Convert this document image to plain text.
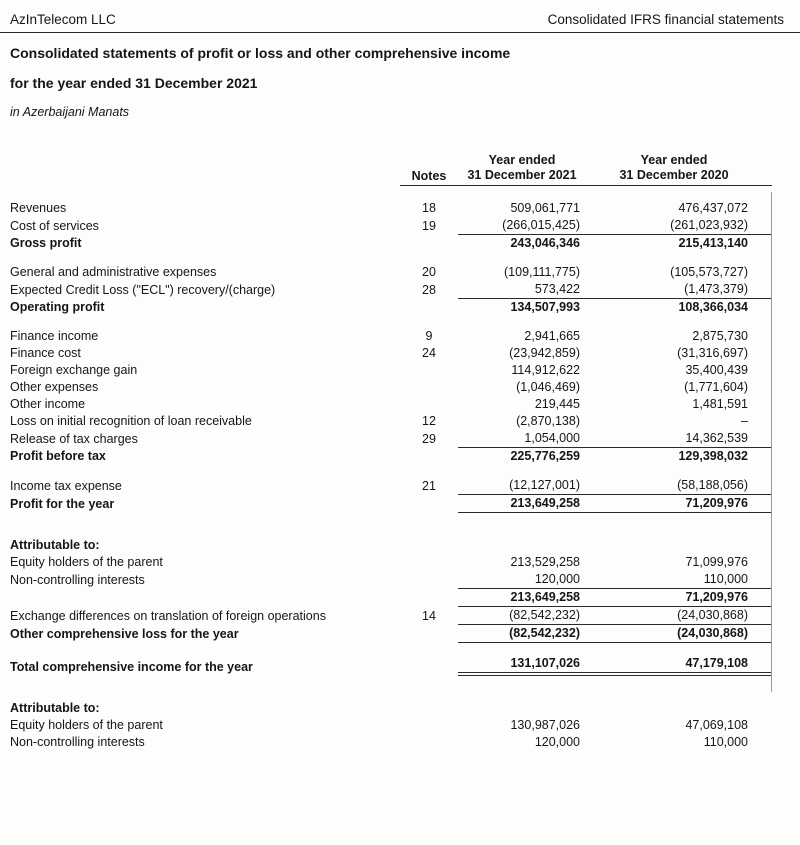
AzInTelecom LLC	Consolidated IFRS financial statements

Consolidated statements of profit or loss and other comprehensive income

for the year ended 31 December 2021

in Azerbaijani Manats

Notes
Year ended
31 December 2021
Year ended
31 December 2020
Revenues	18	509,061,771	476,437,072
Cost of services	19	(266,015,425)	(261,023,932)
Gross profit	243,046,346	215,413,140
General and administrative expenses	20	(109,111,775)	(105,573,727)
Expected Credit Loss ("ECL") recovery/(charge)	28	573,422	(1,473,379)
Operating profit	134,507,993	108,366,034
Finance income	9	2,941,665	2,875,730
Finance cost	24	(23,942,859)	(31,316,697)
Foreign exchange gain	114,912,622	35,400,439
Other expenses	(1,046,469)	(1,771,604)
Other income	219,445	1,481,591
Loss on initial recognition of loan receivable	12	(2,870,138)	–
Release of tax charges	29	1,054,000	14,362,539
Profit before tax	225,776,259	129,398,032
Income tax expense	21	(12,127,001)	(58,188,056)
Profit for the year	213,649,258	71,209,976
Attributable to:
Equity holders of the parent	213,529,258	71,099,976
Non-controlling interests	120,000	110,000
213,649,258	71,209,976
Exchange differences on translation of foreign operations	14	(82,542,232)	(24,030,868)
Other comprehensive loss for the year	(82,542,232)	(24,030,868)
Total comprehensive income for the year	131,107,026	47,179,108
Attributable to:
Equity holders of the parent	130,987,026	47,069,108
Non-controlling interests	120,000	110,000
